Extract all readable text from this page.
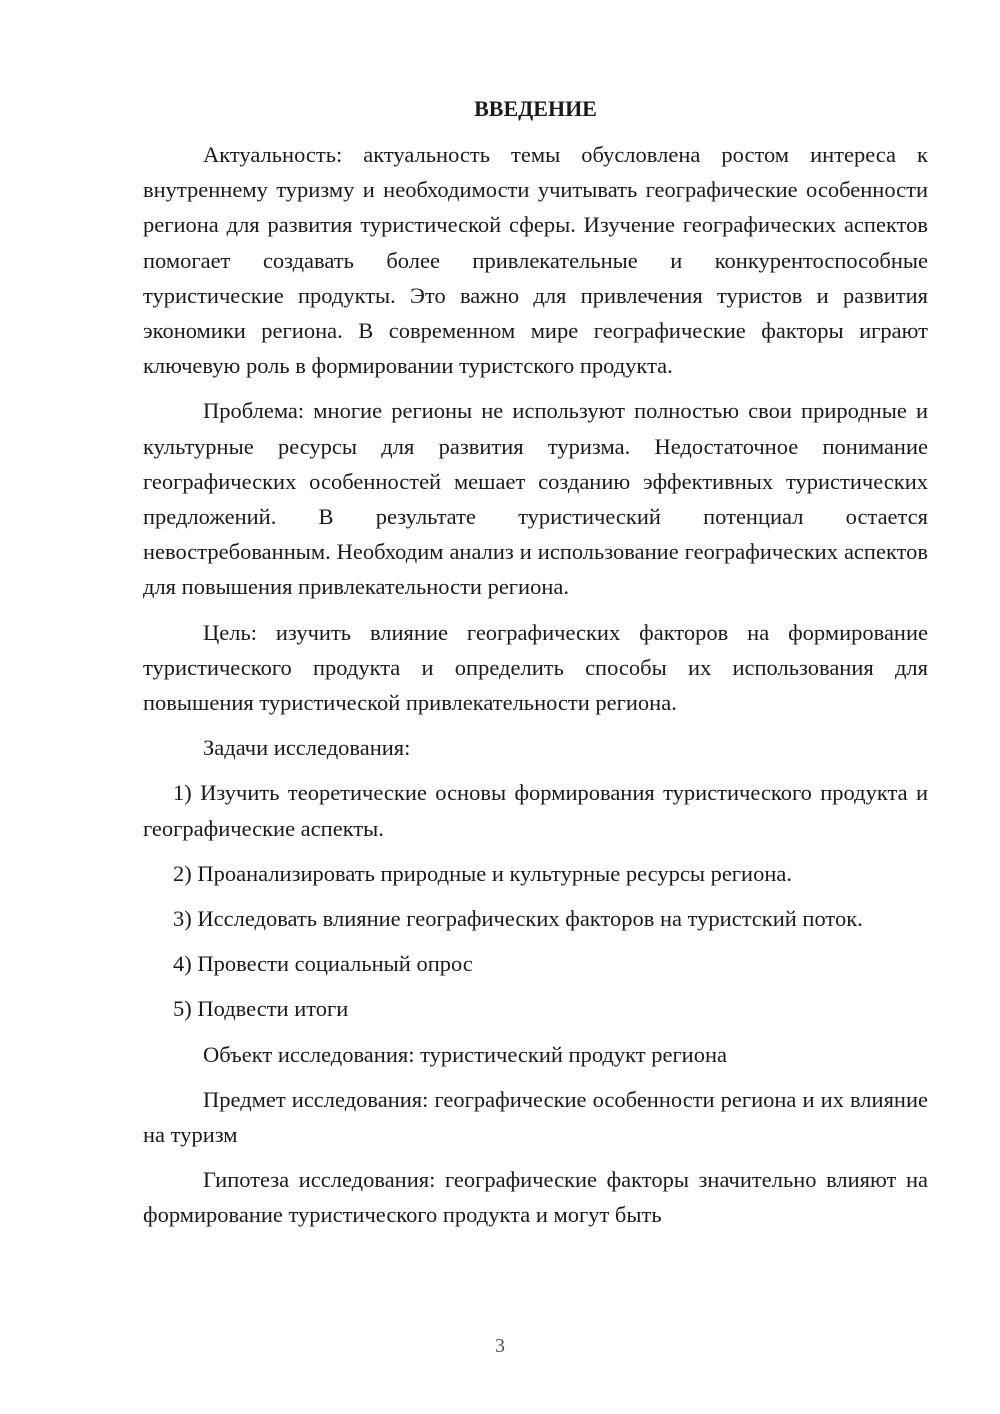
ВВЕДЕНИЕ

Актуальность: актуальность темы обусловлена ростом интереса к внутреннему туризму и необходимости учитывать географические особенности региона для развития туристической сферы. Изучение географических аспектов помогает создавать более привлекательные и конкурентоспособные туристические продукты. Это важно для привлечения туристов и развития экономики региона. В современном мире географические факторы играют ключевую роль в формировании туристского продукта.

Проблема: многие регионы не используют полностью свои природные и культурные ресурсы для развития туризма. Недостаточное понимание географических особенностей мешает созданию эффективных туристических предложений. В результате туристический потенциал остается невостребованным. Необходим анализ и использование географических аспектов для повышения привлекательности региона.

Цель: изучить влияние географических факторов на формирование туристического продукта и определить способы их использования для повышения туристической привлекательности региона.

Задачи исследования:

1) Изучить теоретические основы формирования туристического продукта и географические аспекты.

2) Проанализировать природные и культурные ресурсы региона.

3) Исследовать влияние географических факторов на туристский поток.

4) Провести социальный опрос

5) Подвести итоги

Объект исследования: туристический продукт региона

Предмет исследования: географические особенности региона и их влияние на туризм

Гипотеза исследования: географические факторы значительно влияют на формирование туристического продукта и могут быть

3
